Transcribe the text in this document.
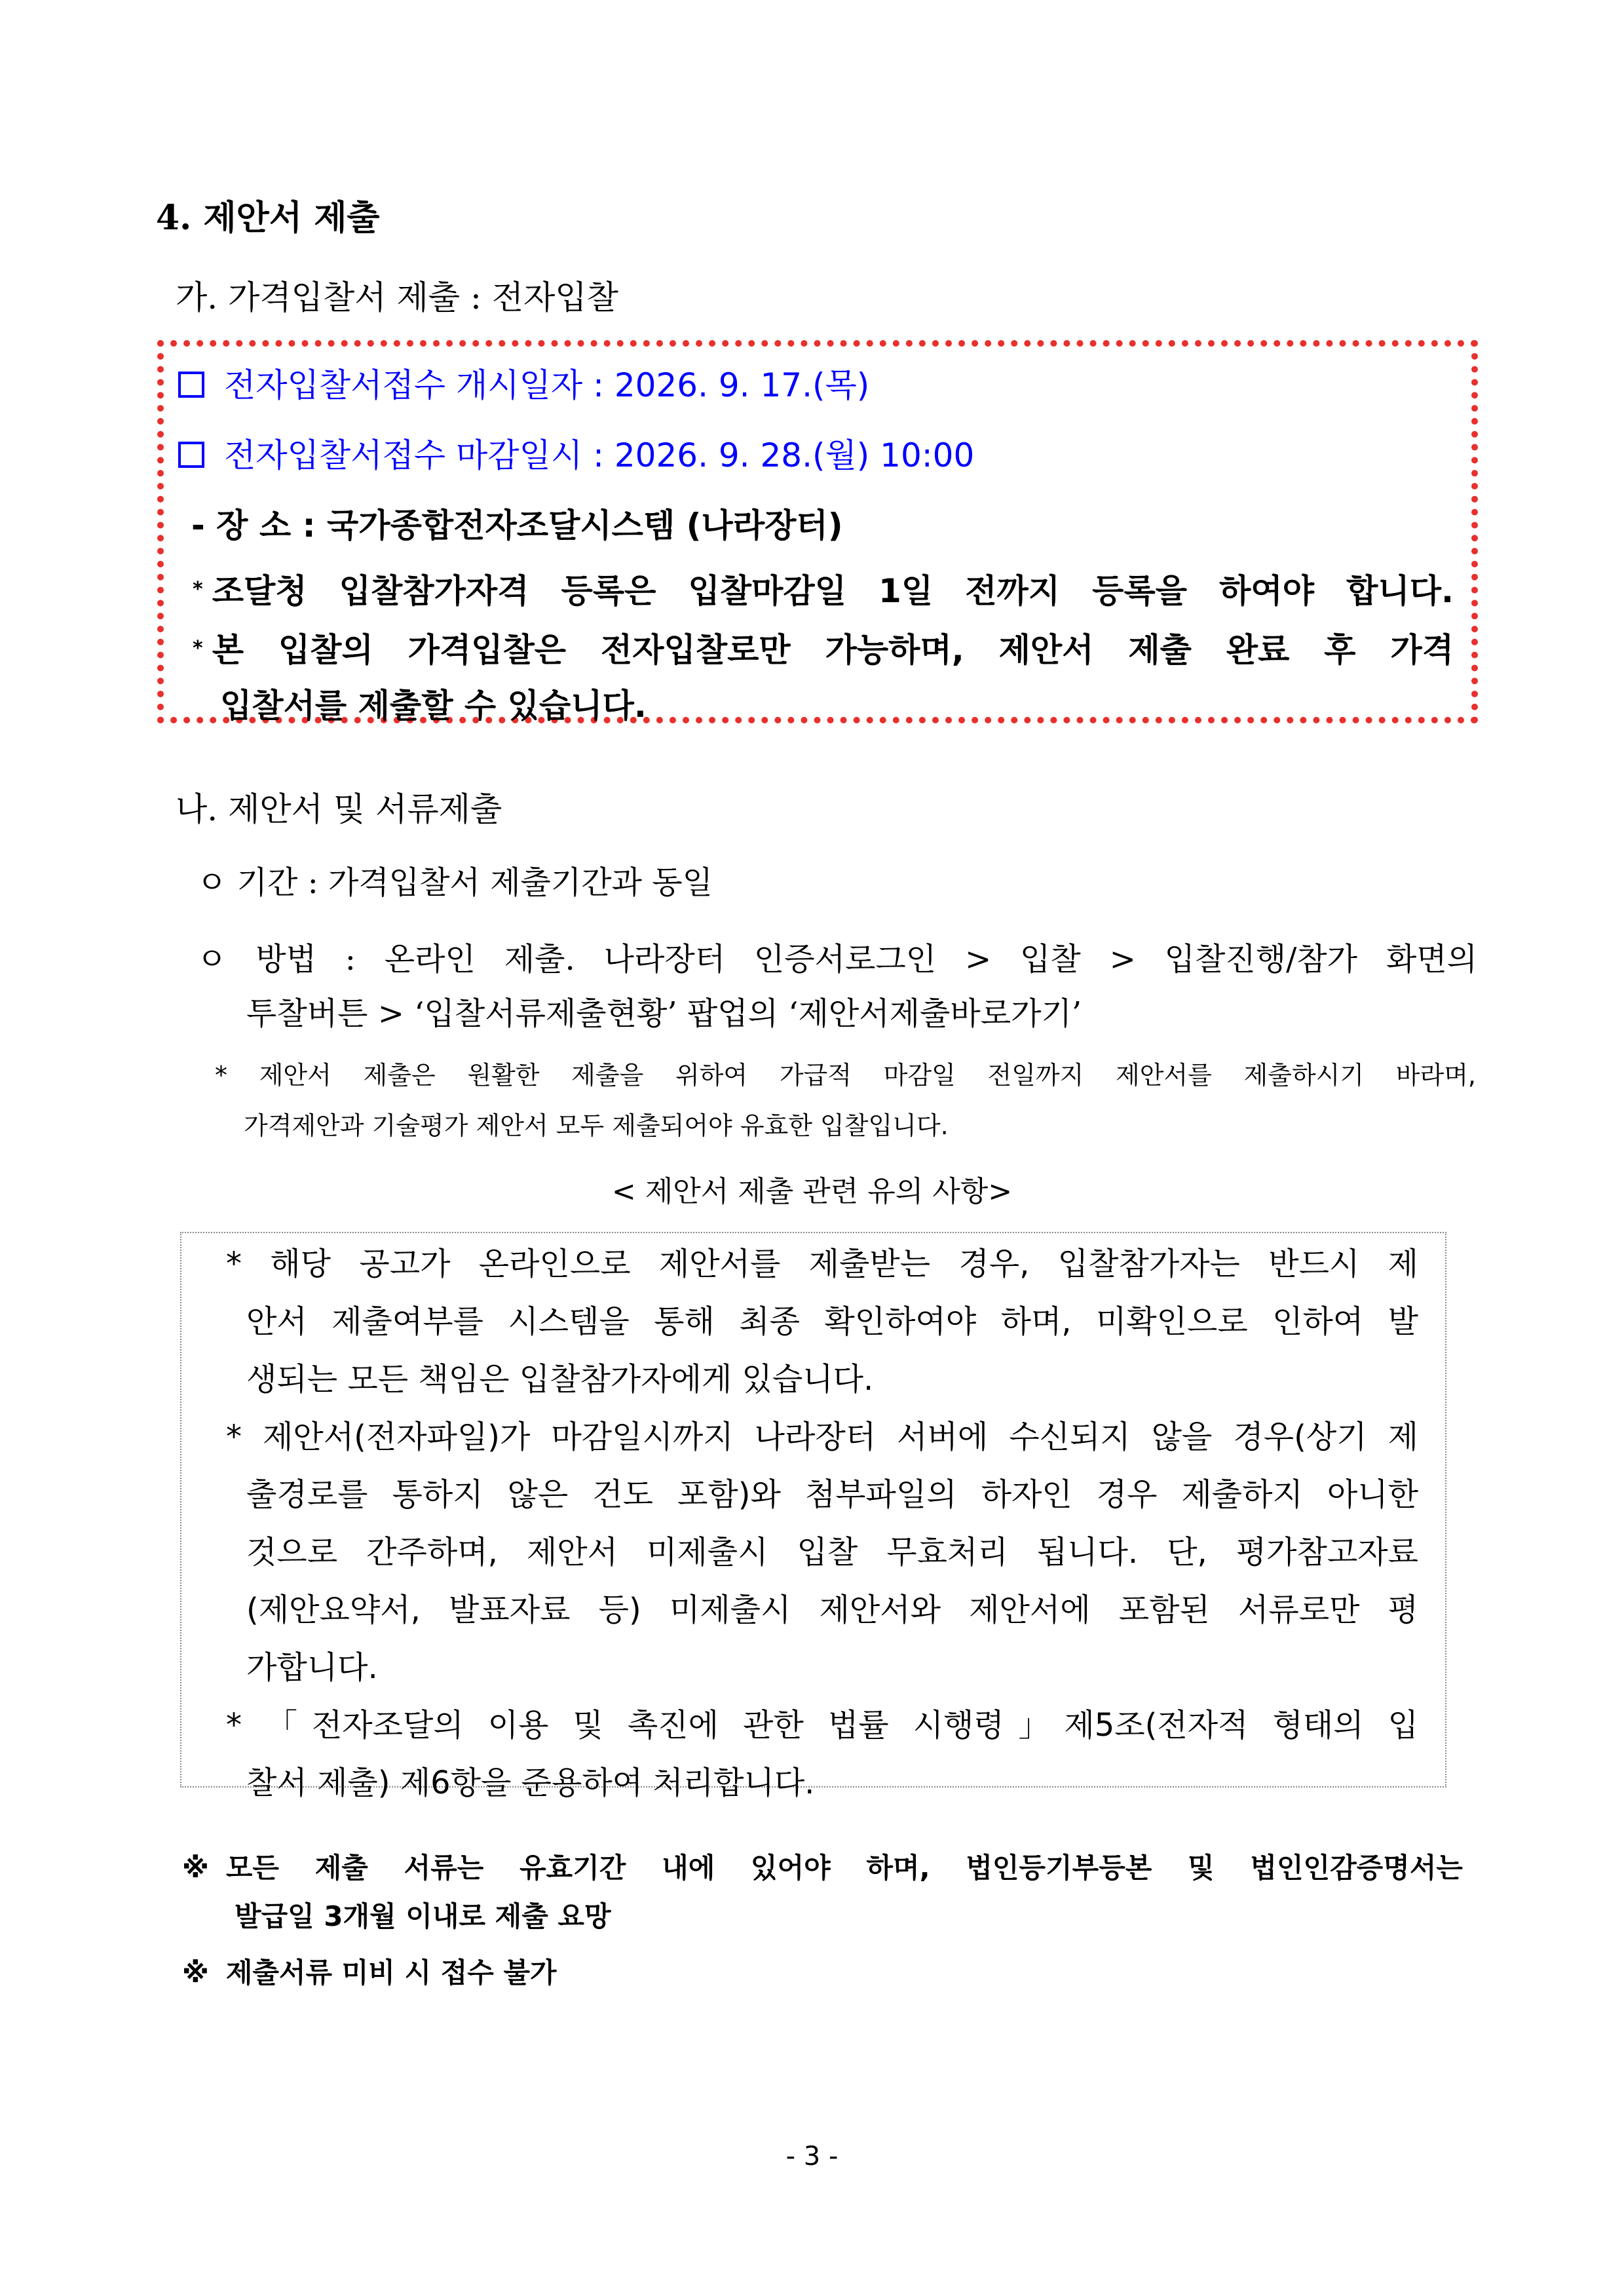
4. 제안서 제출
가. 가격입찰서 제출 : 전자입찰
전자입찰서접수 개시일자 : 2026. 9. 17.(목)
전자입찰서접수 마감일시 : 2026. 9. 28.(월) 10:00
- 장 소 : 국가종합전자조달시스템 (나라장터)
* 조달청 입찰참가자격 등록은 입찰마감일 1일 전까지 등록을 하여야 합니다.
* 본 입찰의 가격입찰은 전자입찰로만 가능하며, 제안서 제출 완료 후 가격
입찰서를 제출할 수 있습니다.
나. 제안서 및 서류제출
ㅇ 기간 : 가격입찰서 제출기간과 동일
ㅇ 방법 : 온라인 제출. 나라장터 인증서로그인 > 입찰 > 입찰진행/참가 화면의
투찰버튼 > ‘입찰서류제출현황’ 팝업의 ‘제안서제출바로가기’
* 제안서 제출은 원활한 제출을 위하여 가급적 마감일 전일까지 제안서를 제출하시기 바라며,
가격제안과 기술평가 제안서 모두 제출되어야 유효한 입찰입니다.
< 제안서 제출 관련 유의 사항>
* 해당 공고가 온라인으로 제안서를 제출받는 경우, 입찰참가자는 반드시 제
안서 제출여부를 시스템을 통해 최종 확인하여야 하며, 미확인으로 인하여 발
생되는 모든 책임은 입찰참가자에게 있습니다.
* 제안서(전자파일)가 마감일시까지 나라장터 서버에 수신되지 않을 경우(상기 제
출경로를 통하지 않은 건도 포함)와 첨부파일의 하자인 경우 제출하지 아니한
것으로 간주하며, 제안서 미제출시 입찰 무효처리 됩니다. 단, 평가참고자료
(제안요약서, 발표자료 등) 미제출시 제안서와 제안서에 포함된 서류로만 평
가합니다.
* 「전자조달의 이용 및 촉진에 관한 법률 시행령」제5조(전자적 형태의 입
찰서 제출) 제6항을 준용하여 처리합니다.
※ 모든 제출 서류는 유효기간 내에 있어야 하며, 법인등기부등본 및 법인인감증명서는
발급일 3개월 이내로 제출 요망
※ 제출서류 미비 시 접수 불가
- 3 -
